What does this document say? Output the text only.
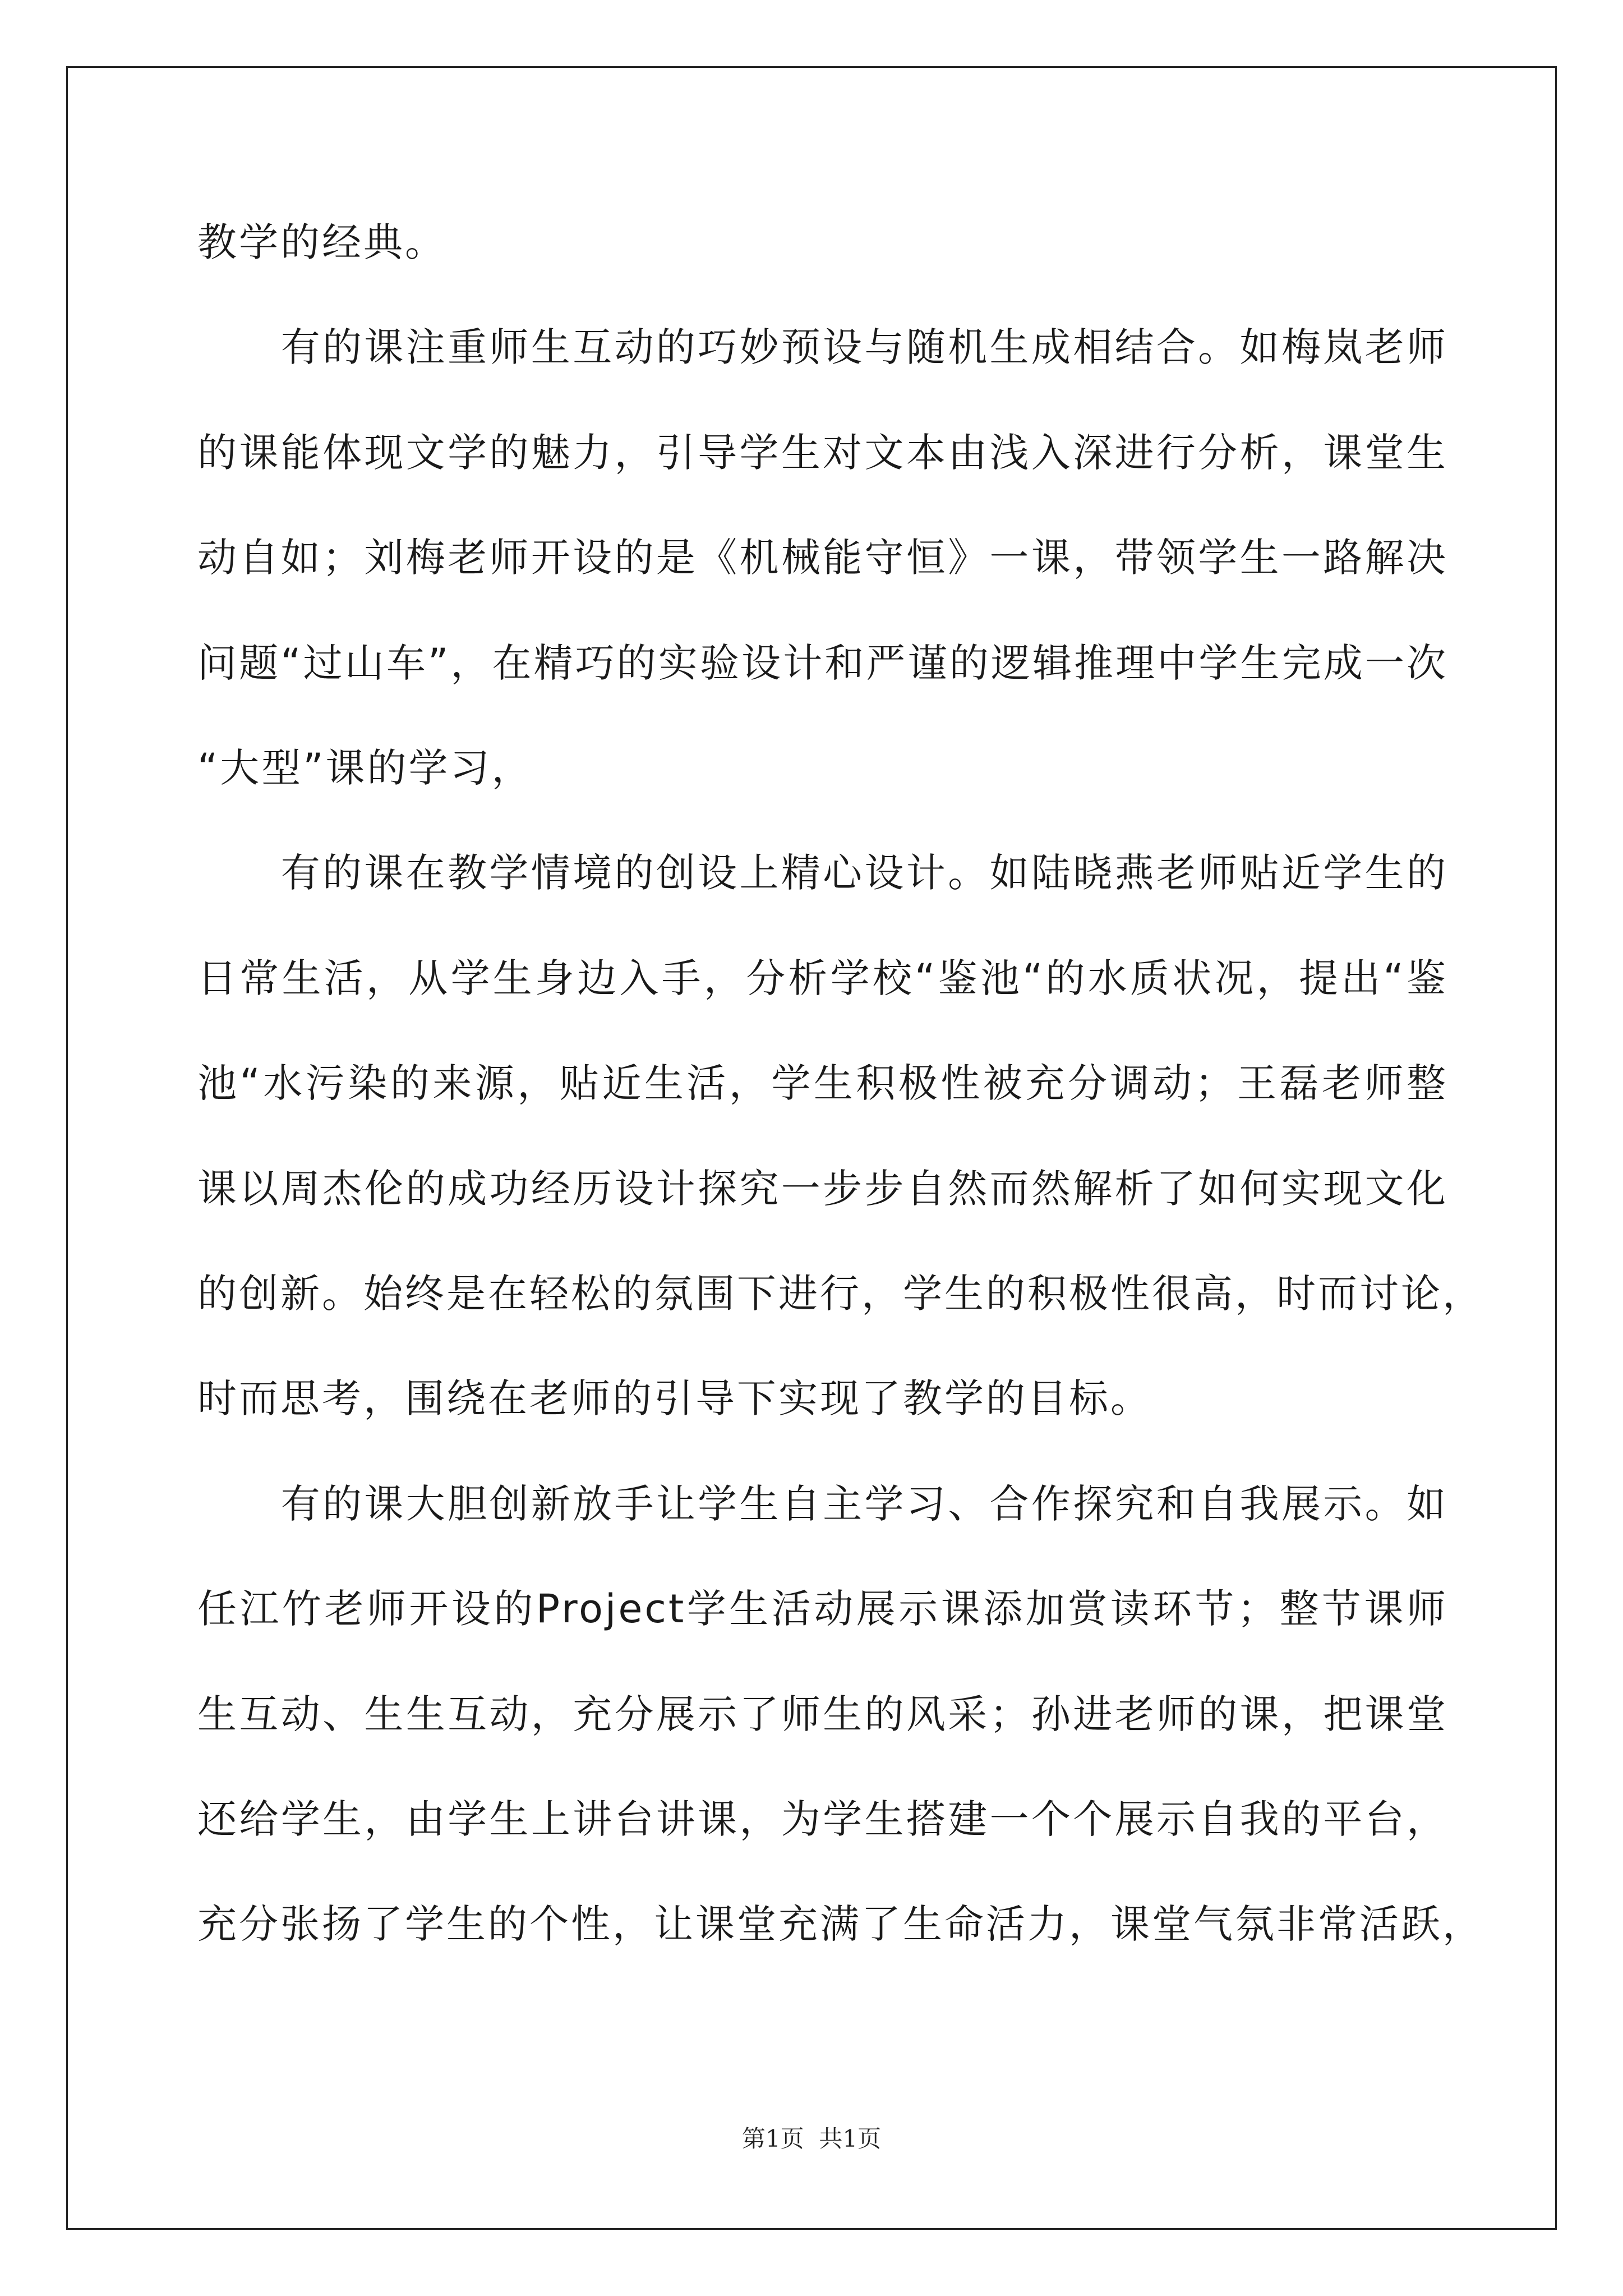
教学的经典。
　　有的课注重师生互动的巧妙预设与随机生成相结合。如梅岚老师
的课能体现文学的魅力，引导学生对文本由浅入深进行分析，课堂生
动自如；刘梅老师开设的是《机械能守恒》一课，带领学生一路解决
问题“过山车”，在精巧的实验设计和严谨的逻辑推理中学生完成一次
“大型”课的学习，
　　有的课在教学情境的创设上精心设计。如陆晓燕老师贴近学生的
日常生活，从学生身边入手，分析学校“鉴池“的水质状况，提出“鉴
池“水污染的来源，贴近生活，学生积极性被充分调动；王磊老师整
课以周杰伦的成功经历设计探究一步步自然而然解析了如何实现文化
的创新。始终是在轻松的氛围下进行，学生的积极性很高，时而讨论，
时而思考，围绕在老师的引导下实现了教学的目标。
　　有的课大胆创新放手让学生自主学习、合作探究和自我展示。如
任江竹老师开设的Project学生活动展示课添加赏读环节；整节课师
生互动、生生互动，充分展示了师生的风采；孙进老师的课，把课堂
还给学生，由学生上讲台讲课，为学生搭建一个个展示自我的平台，
充分张扬了学生的个性，让课堂充满了生命活力，课堂气氛非常活跃，
第1页  共1页
